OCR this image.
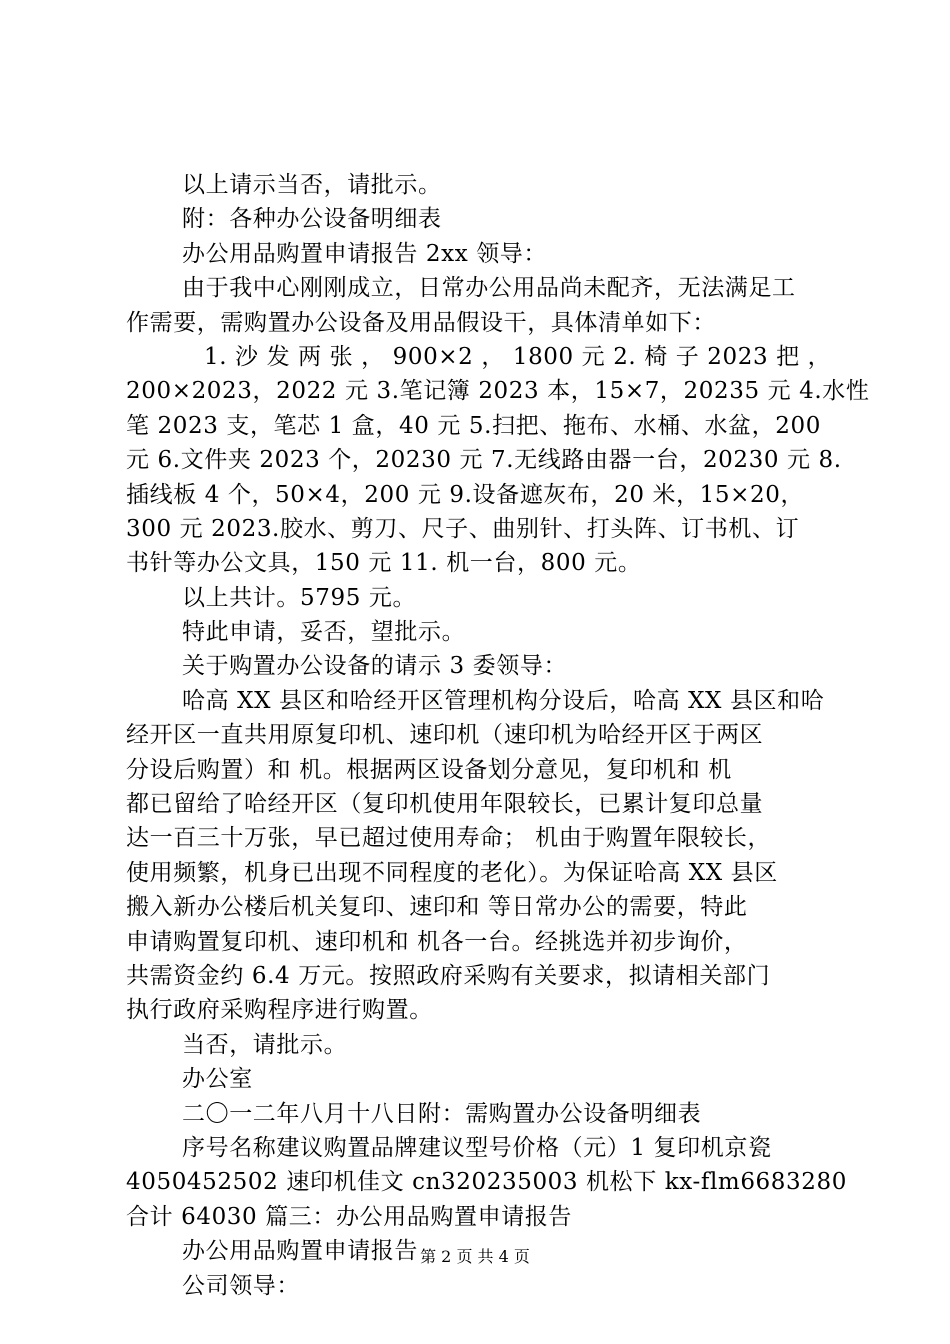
以上请示当否，请批示。
附：各种办公设备明细表
办公用品购置申请报告 2xx 领导：
由于我中心刚刚成立，日常办公用品尚未配齐，无法满足工
作需要，需购置办公设备及用品假设干，具体清单如下：
1. 沙 发 两 张 ， 900×2 ， 1800 元 2. 椅 子 2023 把 ，
200×2023，2022 元 3.笔记簿 2023 本，15×7，20235 元 4.水性
笔 2023 支，笔芯 1 盒，40 元 5.扫把、拖布、水桶、水盆，200
元 6.文件夹 2023 个，20230 元 7.无线路由器一台，20230 元 8.
插线板 4 个，50×4，200 元 9.设备遮灰布，20 米，15×20，
300 元 2023.胶水、剪刀、尺子、曲别针、打头阵、订书机、订
书针等办公文具，150 元 11. 机一台，800 元。
以上共计。5795 元。
特此申请，妥否，望批示。
关于购置办公设备的请示 3 委领导：
哈高 XX 县区和哈经开区管理机构分设后，哈高 XX 县区和哈
经开区一直共用原复印机、速印机（速印机为哈经开区于两区
分设后购置）和 机。根据两区设备划分意见，复印机和 机
都已留给了哈经开区（复印机使用年限较长，已累计复印总量
达一百三十万张，早已超过使用寿命； 机由于购置年限较长，
使用频繁，机身已出现不同程度的老化）。为保证哈高 XX 县区
搬入新办公楼后机关复印、速印和 等日常办公的需要，特此
申请购置复印机、速印机和 机各一台。经挑选并初步询价，
共需资金约 6.4 万元。按照政府采购有关要求，拟请相关部门
执行政府采购程序进行购置。
当否，请批示。
办公室
二〇一二年八月十八日附：需购置办公设备明细表
序号名称建议购置品牌建议型号价格（元）1 复印机京瓷
4050452502 速印机佳文 cn320235003 机松下 kx-flm6683280
合计 64030 篇三：办公用品购置申请报告
办公用品购置申请报告
公司领导：
第 2 页 共 4 页
